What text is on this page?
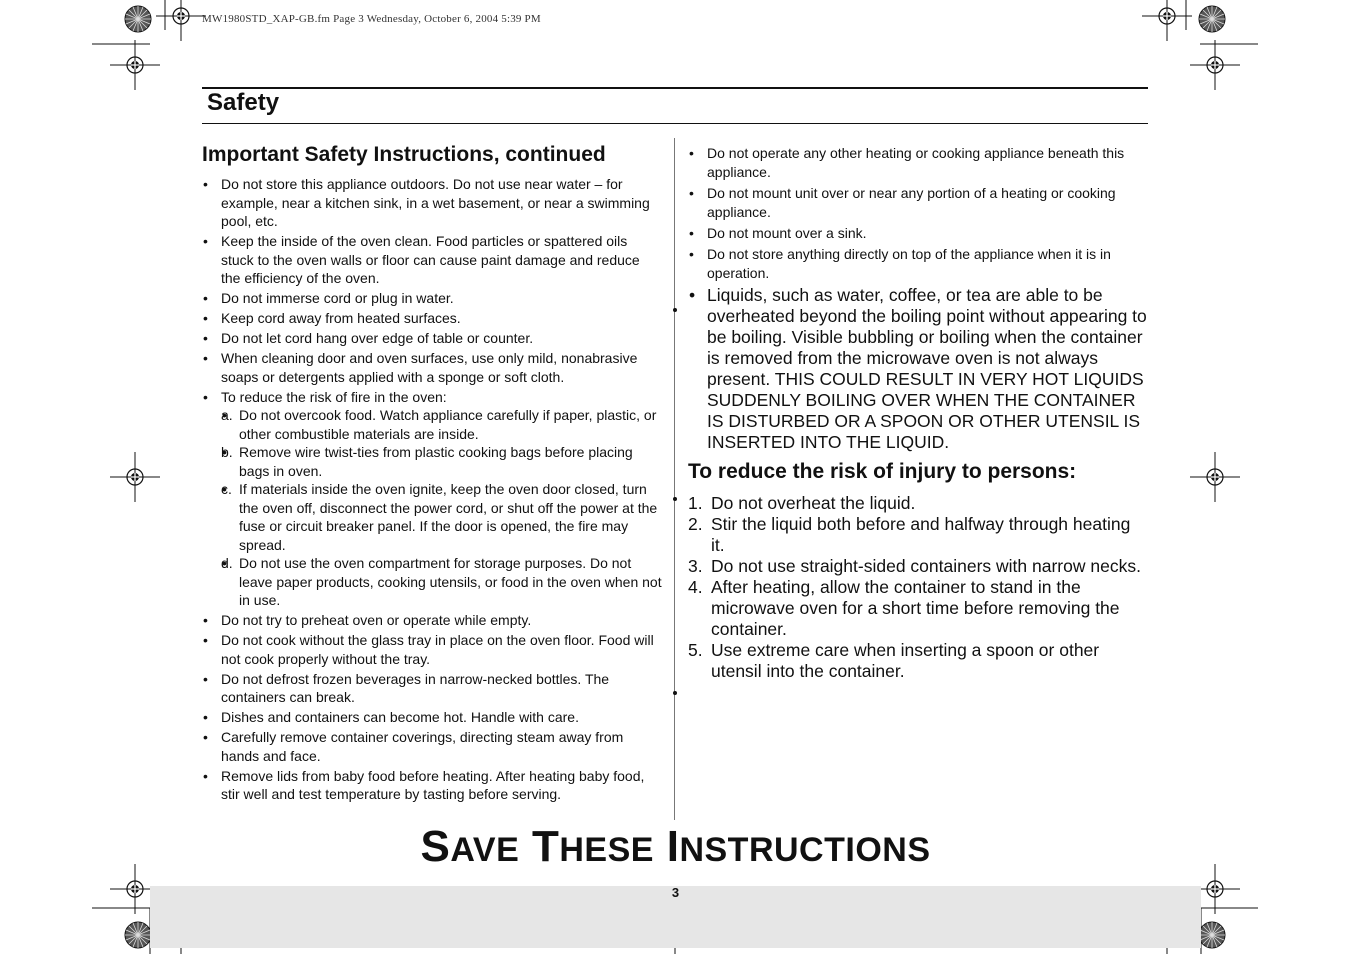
MW1980STD_XAP-GB.fm Page 3 Wednesday, October 6, 2004 5:39 PM
Safety
Important Safety Instructions, continued
• Do not store this appliance outdoors. Do not use near water – for example, near a kitchen sink, in a wet basement, or near a swimming pool, etc.
• Keep the inside of the oven clean. Food particles or spattered oils stuck to the oven walls or floor can cause paint damage and reduce the efficiency of the oven.
• Do not immerse cord or plug in water.
• Keep cord away from heated surfaces.
• Do not let cord hang over edge of table or counter.
• When cleaning door and oven surfaces, use only mild, nonabrasive soaps or detergents applied with a sponge or soft cloth.
• To reduce the risk of fire in the oven:
• a. Do not overcook food. Watch appliance carefully if paper, plastic, or other combustible materials are inside.
• b. Remove wire twist-ties from plastic cooking bags before placing bags in oven.
• c. If materials inside the oven ignite, keep the oven door closed, turn the oven off, disconnect the power cord, or shut off the power at the fuse or circuit breaker panel. If the door is opened, the fire may spread.
• d. Do not use the oven compartment for storage purposes. Do not leave paper products, cooking utensils, or food in the oven when not in use.
• Do not try to preheat oven or operate while empty.
• Do not cook without the glass tray in place on the oven floor. Food will not cook properly without the tray.
• Do not defrost frozen beverages in narrow-necked bottles. The containers can break.
• Dishes and containers can become hot. Handle with care.
• Carefully remove container coverings, directing steam away from hands and face.
• Remove lids from baby food before heating. After heating baby food, stir well and test temperature by tasting before serving.
• Do not operate any other heating or cooking appliance beneath this appliance.
• Do not mount unit over or near any portion of a heating or cooking appliance.
• Do not mount over a sink.
• Do not store anything directly on top of the appliance when it is in operation.
• Liquids, such as water, coffee, or tea are able to be overheated beyond the boiling point without appearing to be boiling. Visible bubbling or boiling when the container is removed from the microwave oven is not always present. THIS COULD RESULT IN VERY HOT LIQUIDS SUDDENLY BOILING OVER WHEN THE CONTAINER IS DISTURBED OR A SPOON OR OTHER UTENSIL IS INSERTED INTO THE LIQUID.
To reduce the risk of injury to persons:
1. Do not overheat the liquid.
2. Stir the liquid both before and halfway through heating it.
3. Do not use straight-sided containers with narrow necks.
4. After heating, allow the container to stand in the microwave oven for a short time before removing the container.
5. Use extreme care when inserting a spoon or other utensil into the container.
SAVE THESE INSTRUCTIONS
3
